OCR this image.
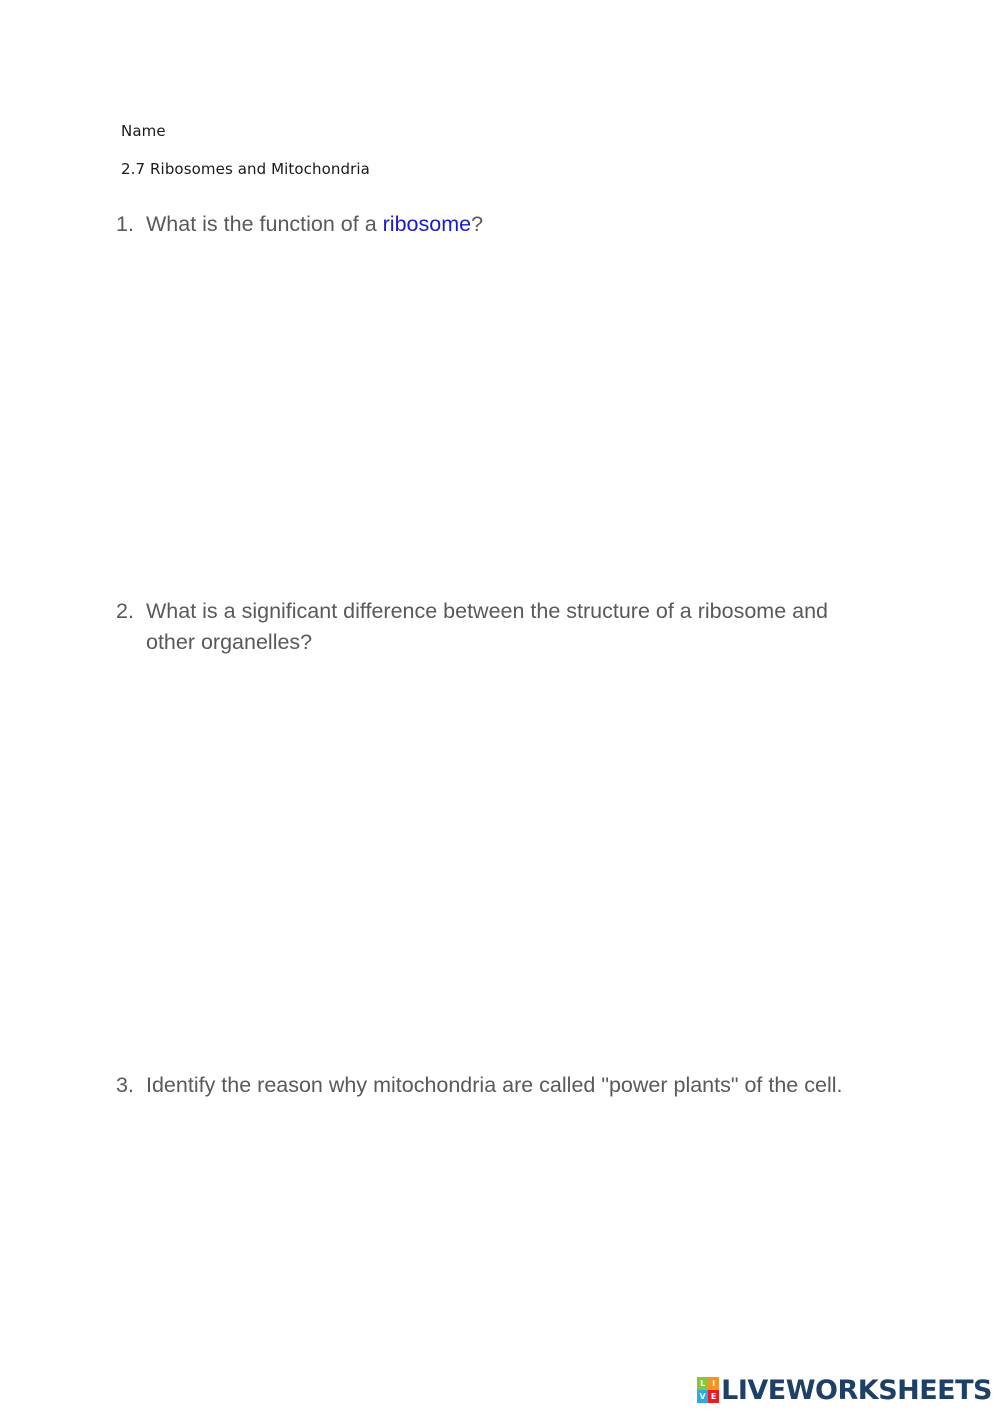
Name
2.7 Ribosomes and Mitochondria
1. What is the function of a ribosome?
2. What is a significant difference between the structure of a ribosome and other organelles?
3. Identify the reason why mitochondria are called "power plants" of the cell.
L I
V E LIVEWORKSHEETS
